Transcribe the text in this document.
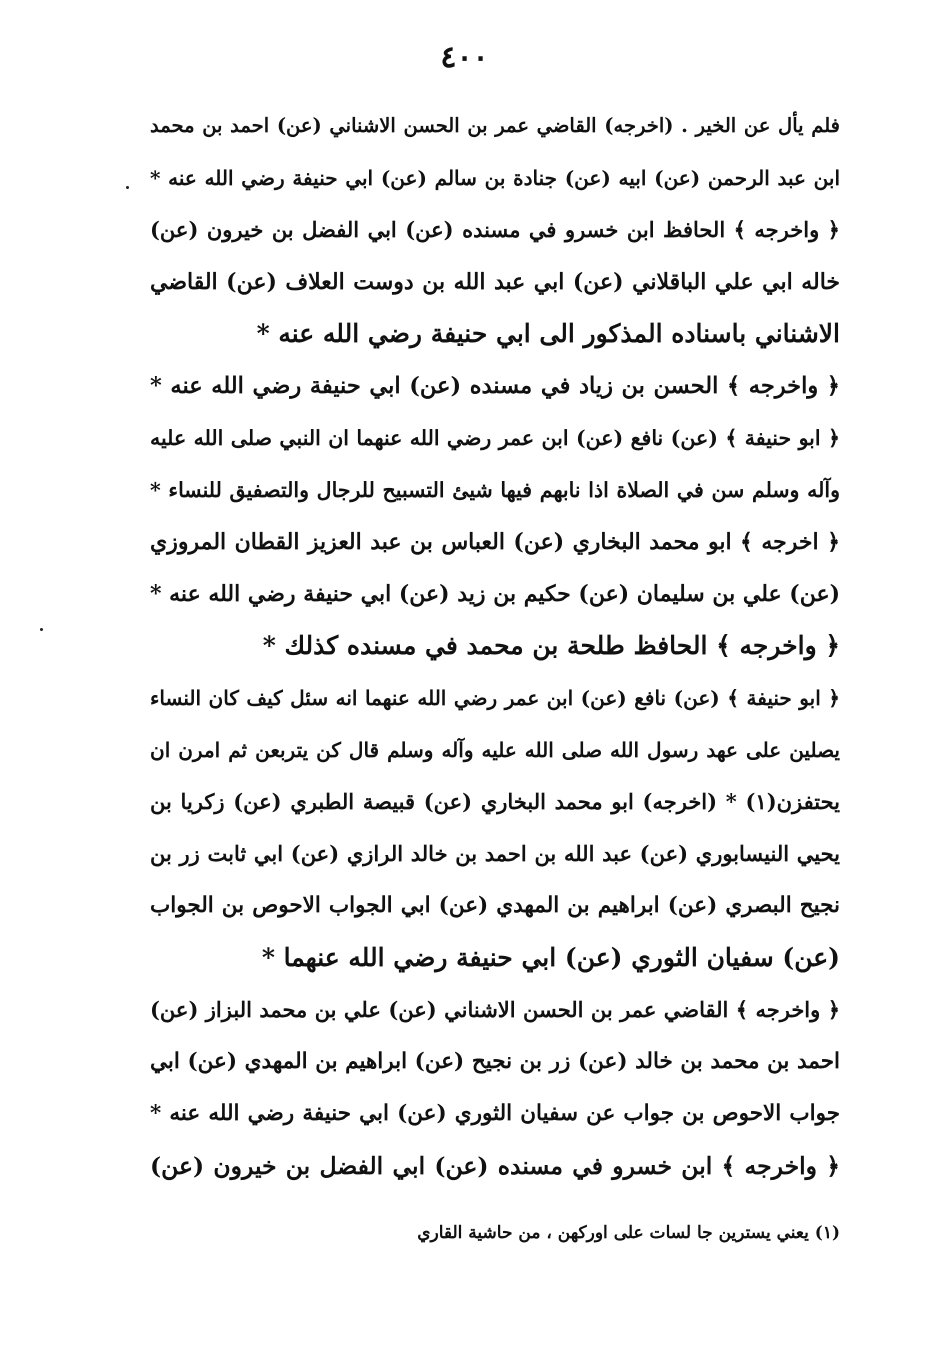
٤٠٠
فلم يأل عن الخير . (اخرجه) القاضي عمر بن الحسن الاشناني (عن) احمد بن محمد
ابن عبد الرحمن (عن) ابيه (عن) جنادة بن سالم (عن) ابي حنيفة رضي الله عنه *
﴿ واخرجه ﴾ الحافظ ابن خسرو في مسنده (عن) ابي الفضل بن خيرون (عن)
خاله ابي علي الباقلاني (عن) ابي عبد الله بن دوست العلاف (عن) القاضي
الاشناني باسناده المذكور الى ابي حنيفة رضي الله عنه *
﴿ واخرجه ﴾ الحسن بن زياد في مسنده (عن) ابي حنيفة رضي الله عنه *
﴿ ابو حنيفة ﴾ (عن) نافع (عن) ابن عمر رضي الله عنهما ان النبي صلى الله عليه
وآله وسلم سن في الصلاة اذا نابهم فيها شيئ التسبيح للرجال والتصفيق للنساء *
﴿ اخرجه ﴾ ابو محمد البخاري (عن) العباس بن عبد العزيز القطان المروزي
(عن) علي بن سليمان (عن) حكيم بن زيد (عن) ابي حنيفة رضي الله عنه *
﴿ واخرجه ﴾ الحافظ طلحة بن محمد في مسنده كذلك *
﴿ ابو حنيفة ﴾ (عن) نافع (عن) ابن عمر رضي الله عنهما انه سئل كيف كان النساء
يصلين على عهد رسول الله صلى الله عليه وآله وسلم قال كن يتربعن ثم امرن ان
يحتفزن(١) * (اخرجه) ابو محمد البخاري (عن) قبيصة الطبري (عن) زكريا بن
يحيي النيسابوري (عن) عبد الله بن احمد بن خالد الرازي (عن) ابي ثابت زر بن
نجيح البصري (عن) ابراهيم بن المهدي (عن) ابي الجواب الاحوص بن الجواب
(عن) سفيان الثوري (عن) ابي حنيفة رضي الله عنهما *
﴿ واخرجه ﴾ القاضي عمر بن الحسن الاشناني (عن) علي بن محمد البزاز (عن)
احمد بن محمد بن خالد (عن) زر بن نجيح (عن) ابراهيم بن المهدي (عن) ابي
جواب الاحوص بن جواب عن سفيان الثوري (عن) ابي حنيفة رضي الله عنه *
﴿ واخرجه ﴾ ابن خسرو في مسنده (عن) ابي الفضل بن خيرون (عن)
(١) يعني يسترين جا لسات على اورکهن ، من حاشية القاري
